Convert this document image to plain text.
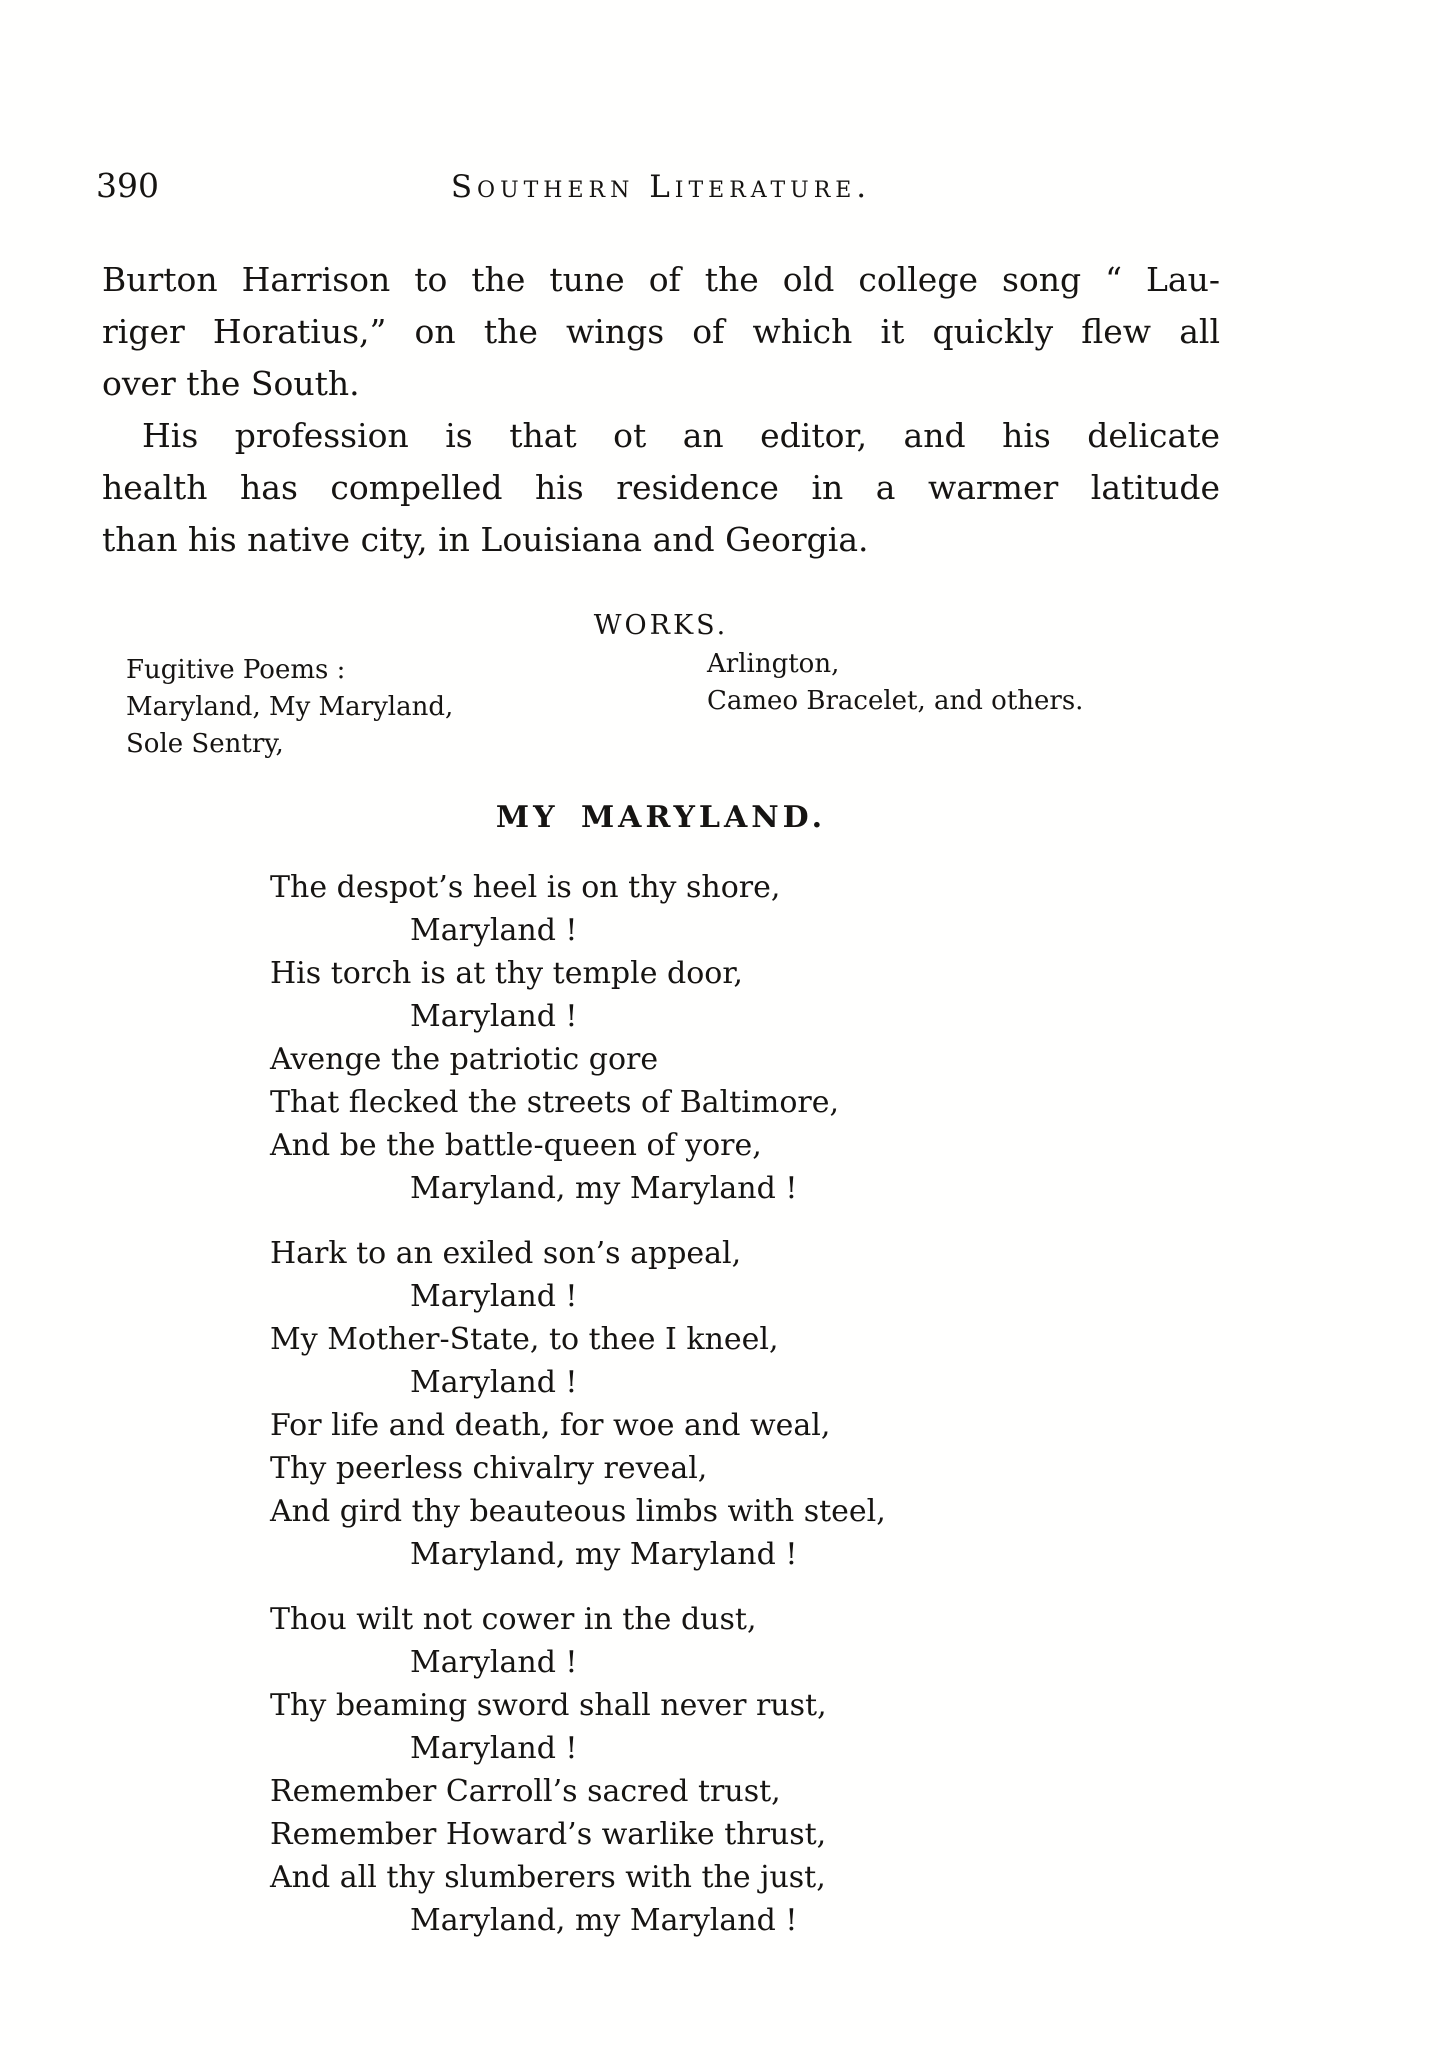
390	Southern Literature.
Burton Harrison to the tune of the old college song “ Lau-
riger Horatius,” on the wings of which it quickly flew all
over the South.
His profession is that ot an editor, and his delicate
health has compelled his residence in a warmer latitude
than his native city, in Louisiana and Georgia.
WORKS.
Fugitive Poems :
Maryland, My Maryland,
Sole Sentry,
Arlington,
Cameo Bracelet, and others.
MY MARYLAND.
The despot’s heel is on thy shore,
Maryland !
His torch is at thy temple door,
Maryland !
Avenge the patriotic gore
That flecked the streets of Baltimore,
And be the battle-queen of yore,
Maryland, my Maryland !
Hark to an exiled son’s appeal,
Maryland !
My Mother-State, to thee I kneel,
Maryland !
For life and death, for woe and weal,
Thy peerless chivalry reveal,
And gird thy beauteous limbs with steel,
Maryland, my Maryland !
Thou wilt not cower in the dust,
Maryland !
Thy beaming sword shall never rust,
Maryland !
Remember Carroll’s sacred trust,
Remember Howard’s warlike thrust,
And all thy slumberers with the just,
Maryland, my Maryland !
